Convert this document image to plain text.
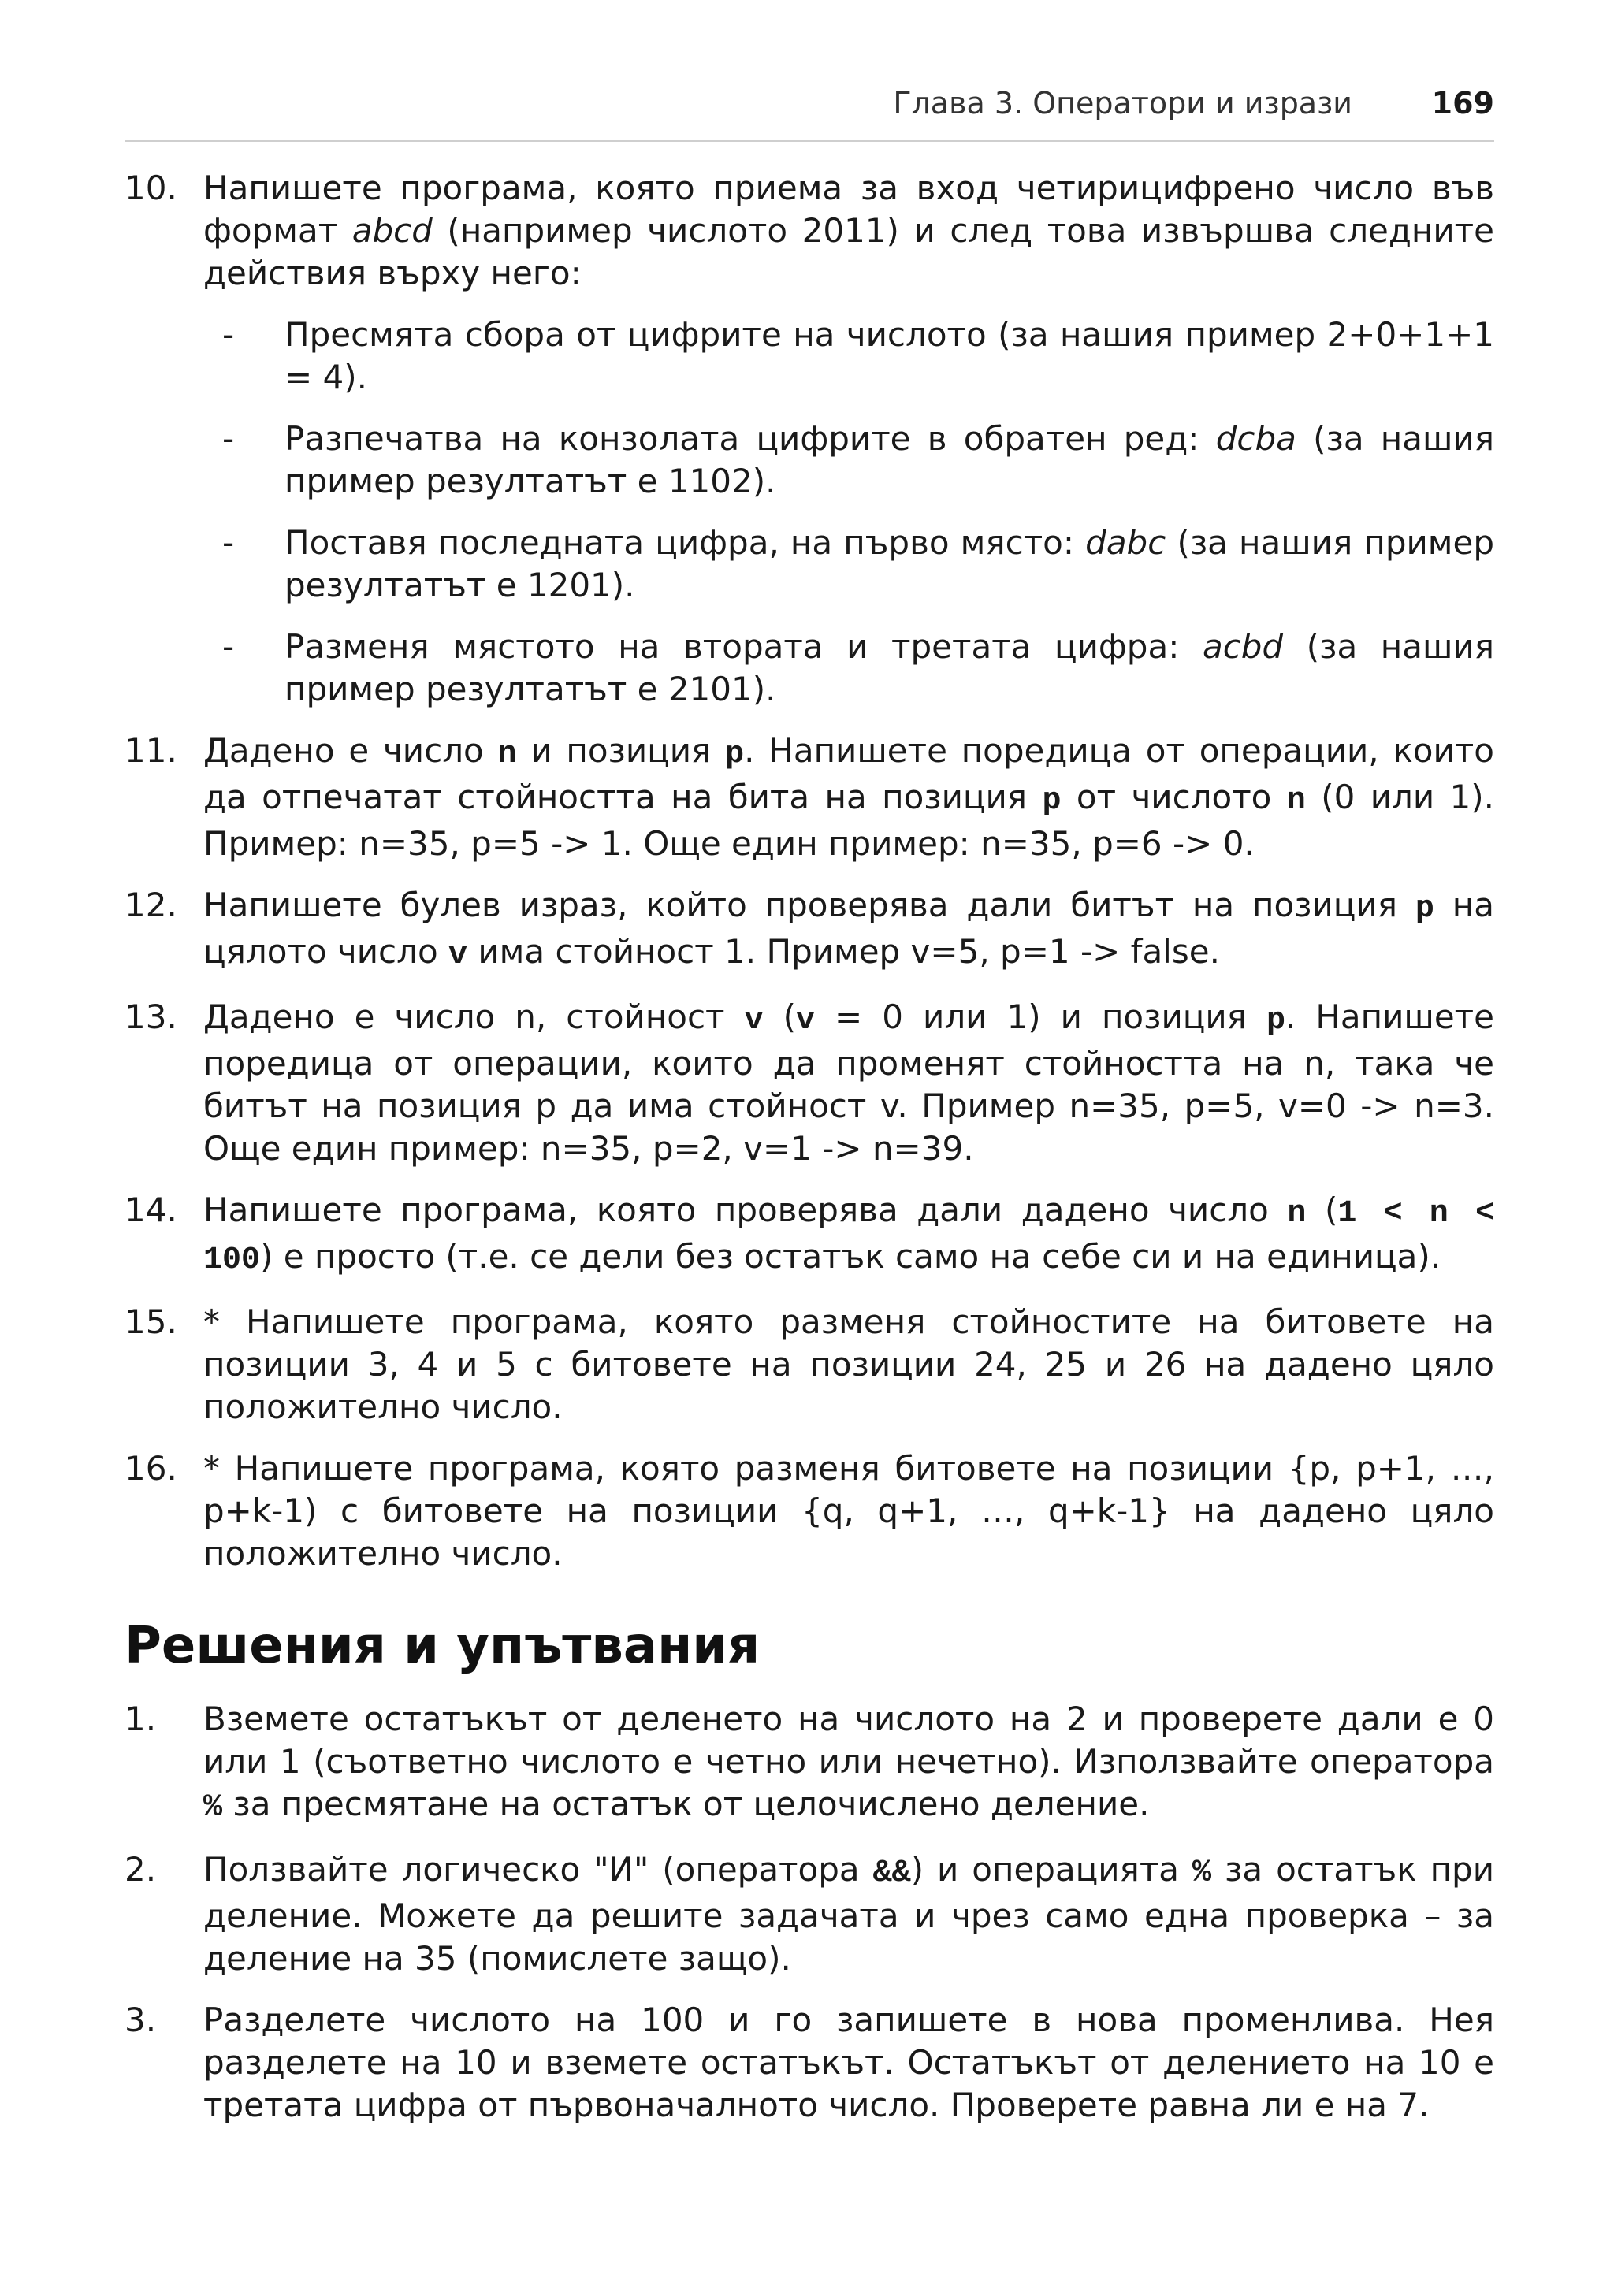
Глава 3. Оператори и изрази	169
10. Напишете програма, която приема за вход четирицифрено число във формат abcd (например числото 2011) и след това извършва следните действия върху него:
- Пресмята сбора от цифрите на числото (за нашия пример 2+0+1+1 = 4).
- Разпечатва на конзолата цифрите в обратен ред: dcba (за нашия пример резултатът е 1102).
- Поставя последната цифра, на първо място: dabc (за нашия пример резултатът е 1201).
- Разменя мястото на втората и третата цифра: acbd (за нашия пример резултатът е 2101).
11. Дадено е число n и позиция p. Напишете поредица от операции, които да отпечатат стойността на бита на позиция p от числото n (0 или 1). Пример: n=35, p=5 -> 1. Още един пример: n=35, p=6 -> 0.
12. Напишете булев израз, който проверява дали битът на позиция p на цялото число v има стойност 1. Пример v=5, p=1 -> false.
13. Дадено е число n, стойност v (v = 0 или 1) и позиция p. Напишете поредица от операции, които да променят стойността на n, така че битът на позиция p да има стойност v. Пример n=35, p=5, v=0 -> n=3. Още един пример: n=35, p=2, v=1 -> n=39.
14. Напишете програма, която проверява дали дадено число n (1 < n < 100) е просто (т.е. се дели без остатък само на себе си и на единица).
15. * Напишете програма, която разменя стойностите на битовете на позиции 3, 4 и 5 с битовете на позиции 24, 25 и 26 на дадено цяло положително число.
16. * Напишете програма, която разменя битовете на позиции {p, p+1, …, p+k-1) с битовете на позиции {q, q+1, …, q+k-1} на дадено цяло положително число.
Решения и упътвания
1. Вземете остатъкът от деленето на числото на 2 и проверете дали е 0 или 1 (съответно числото е четно или нечетно). Използвайте оператора % за пресмятане на остатък от целочислено деление.
2. Ползвайте логическо "И" (оператора &&) и операцията % за остатък при деление. Можете да решите задачата и чрез само една проверка – за деление на 35 (помислете защо).
3. Разделете числото на 100 и го запишете в нова променлива. Нея разделете на 10 и вземете остатъкът. Остатъкът от делението на 10 е третата цифра от първоначалното число. Проверете равна ли е на 7.
